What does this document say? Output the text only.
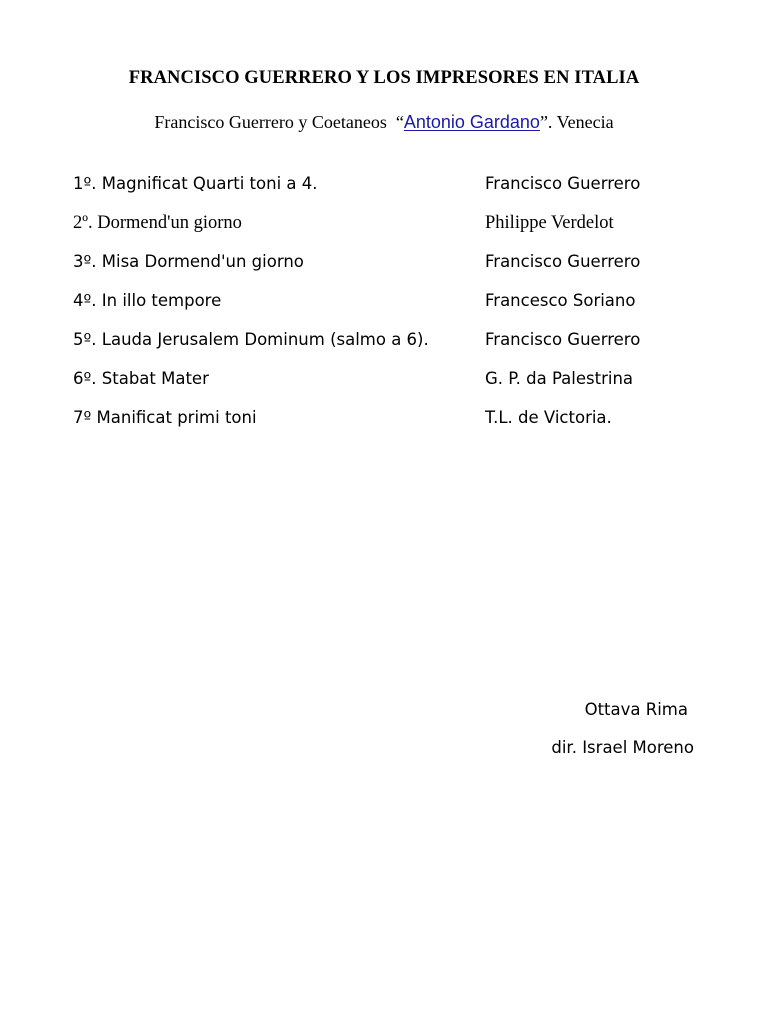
FRANCISCO GUERRERO Y LOS IMPRESORES EN ITALIA

Francisco Guerrero y Coetaneos  “Antonio Gardano”. Venecia

1º. Magnificat Quarti toni a 4.	Francisco Guerrero
2º. Dormend'un giorno	Philippe Verdelot
3º. Misa Dormend'un giorno	Francisco Guerrero
4º. In illo tempore	Francesco Soriano
5º. Lauda Jerusalem Dominum (salmo a 6).	Francisco Guerrero
6º. Stabat Mater	G. P. da Palestrina
7º Manificat primi toni	T.L. de Victoria.
Ottava Rima
dir. Israel Moreno
